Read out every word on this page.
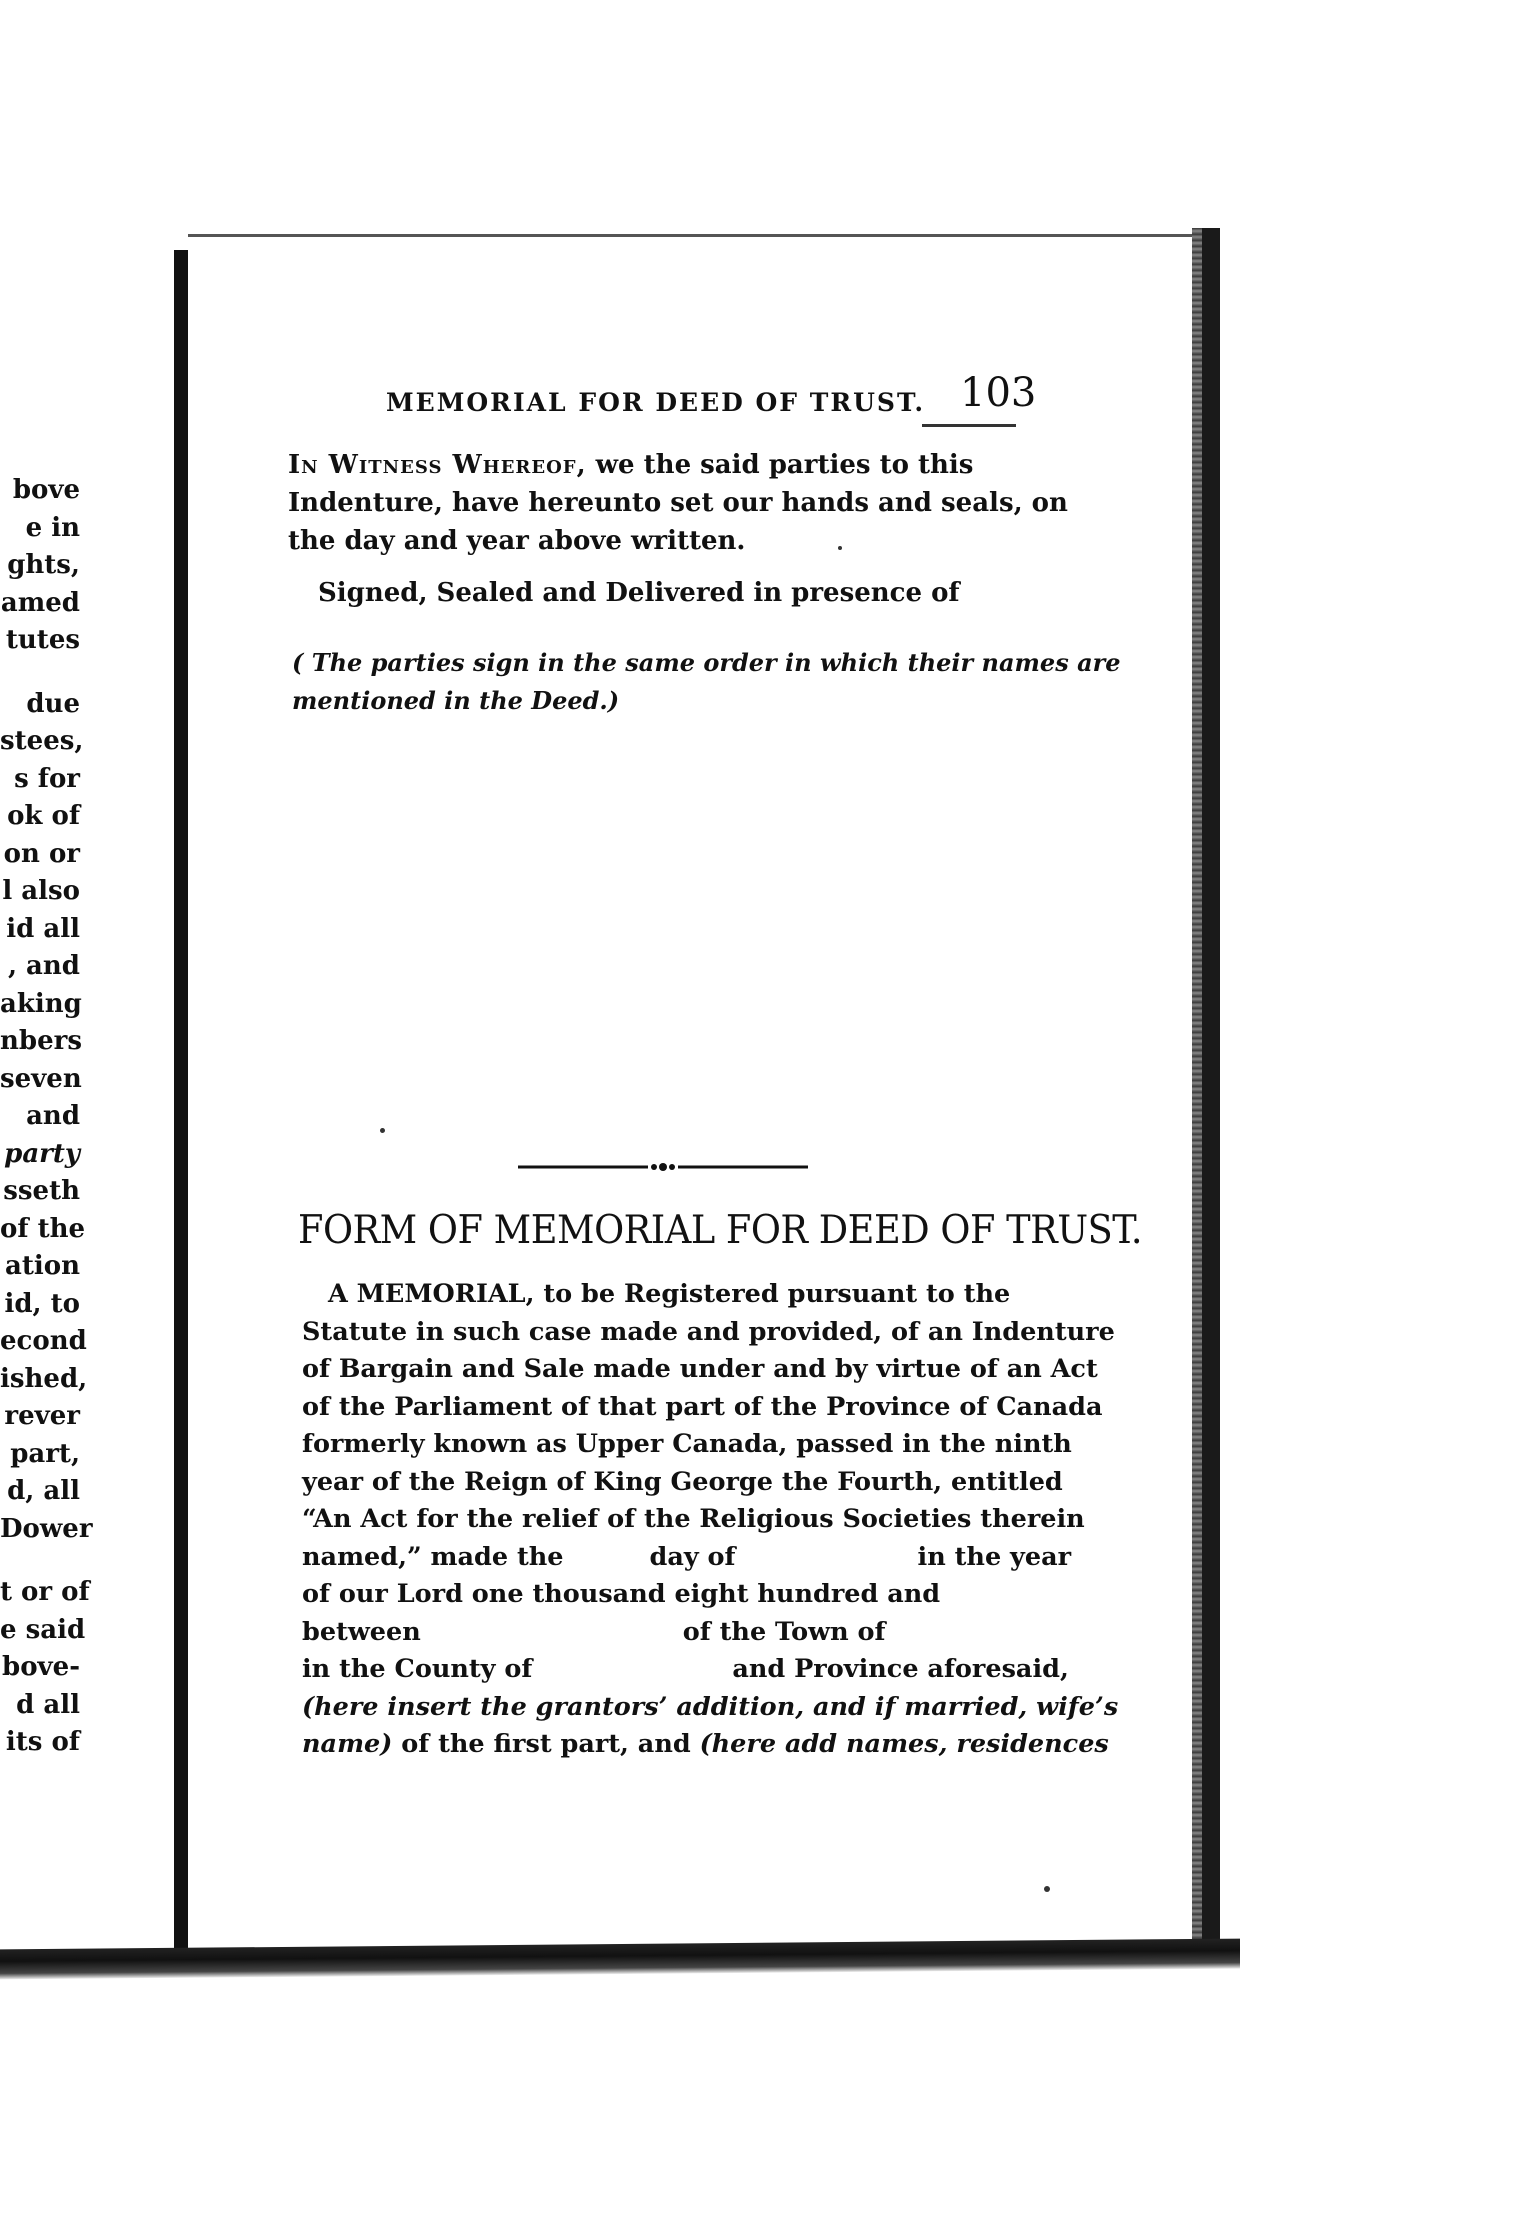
bove
e in
ghts,
amed
tutes
due
stees,
s for
ok of
on or
l also
id all
, and
aking
nbers
seven
and
party
sseth
of the
ation
id, to
econd
ished,
rever
part,
d, all
Dower
t or of
e said
bove-
d all
its of
MEMORIAL FOR DEED OF TRUST. 103
In Witness Whereof, we the said parties to this
Indenture, have hereunto set our hands and seals, on
the day and year above written.
Signed, Sealed and Delivered in presence of
( The parties sign in the same order in which their names are
mentioned in the Deed.)
FORM OF MEMORIAL FOR DEED OF TRUST.
A MEMORIAL, to be Registered pursuant to the
Statute in such case made and provided, of an Indenture
of Bargain and Sale made under and by virtue of an Act
of the Parliament of that part of the Province of Canada
formerly known as Upper Canada, passed in the ninth
year of the Reign of King George the Fourth, entitled
“An Act for the relief of the Religious Societies therein
named,” made the	day of	in the year
of our Lord one thousand eight hundred and
between	of the Town of
in the County of	and Province aforesaid,
(here insert the grantors’ addition, and if married, wife’s
name) of the first part, and (here add names, residences
